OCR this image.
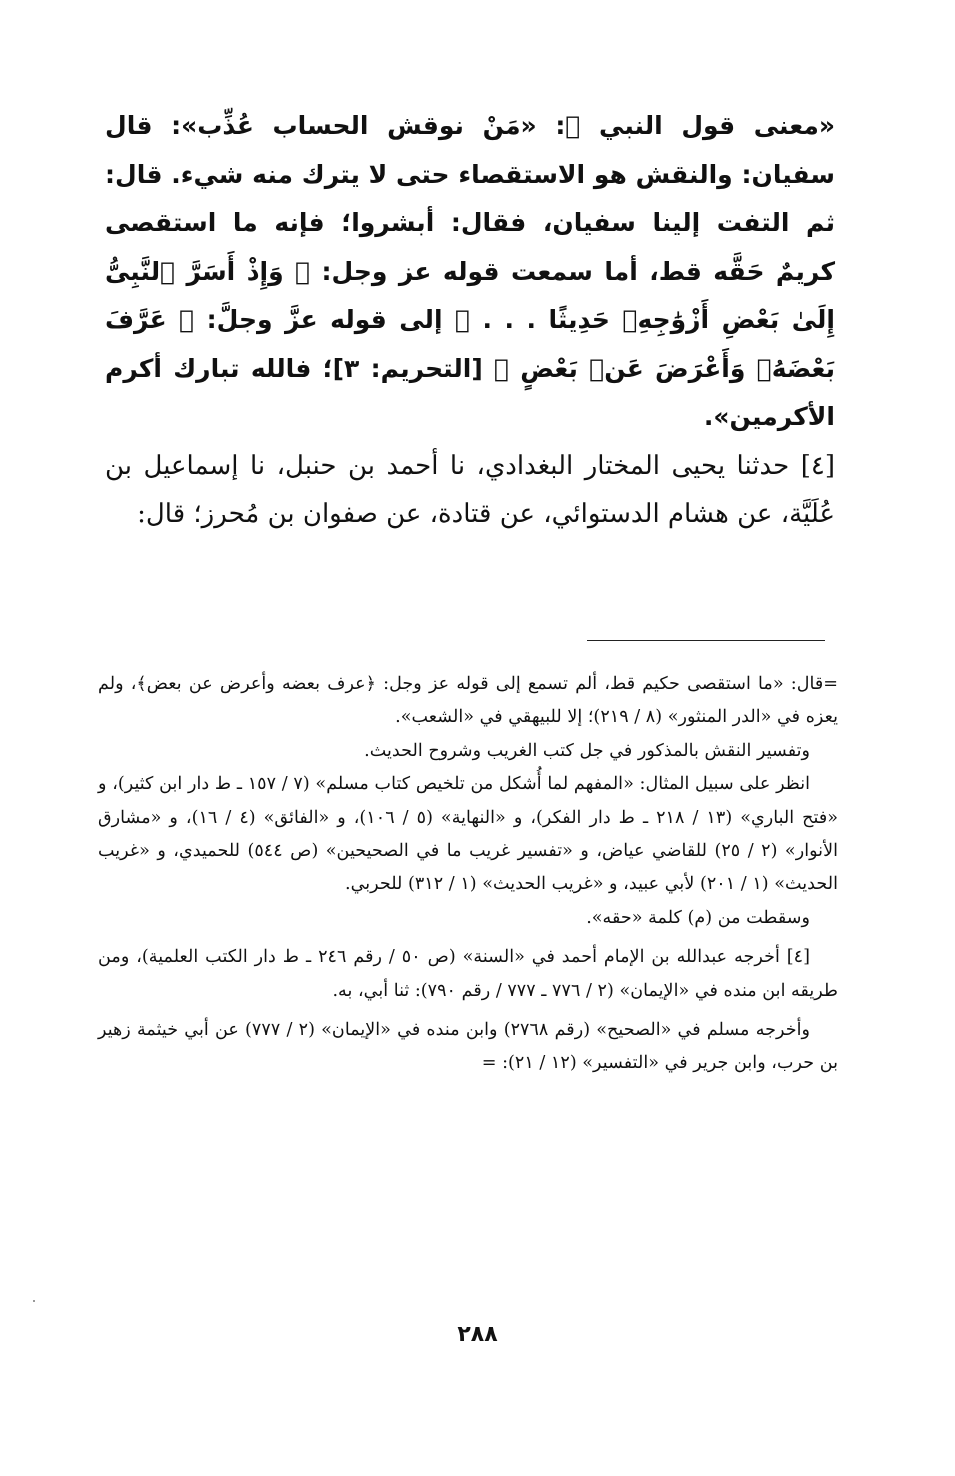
«معنى قول النبي ﷺ: «مَنْ نوقش الحساب عُذِّب»: قال سفيان: والنقش هو الاستقصاء حتى لا يترك منه شيء. قال: ثم التفت إلينا سفيان، فقال: أبشروا؛ فإنه ما استقصى كريمٌ حَقَّه قط، أما سمعت قوله عز وجل: ﴿ وَإِذْ أَسَرَّ ٱلنَّبِىُّ إِلَىٰ بَعْضِ أَزْوَٰجِهِۦ حَدِيثًا . . . ﴾ إلى قوله عزَّ وجلَّ: ﴿ عَرَّفَ بَعْضَهُۥ وَأَعْرَضَ عَنۢ بَعْضٍ ﴾ [التحريم: ٣]؛ فالله تبارك أكرم الأكرمين».

[٤] حدثنا يحيى المختار البغدادي، نا أحمد بن حنبل، نا إسماعيل بن عُلَيَّة، عن هشام الدستوائي، عن قتادة، عن صفوان بن مُحرز؛ قال:

=قال: «ما استقصى حكيم قط، ألم تسمع إلى قوله عز وجل: ﴿عرف بعضه وأعرض عن بعض﴾، ولم يعزه في «الدر المنثور» (٨ / ٢١٩)؛ إلا للبيهقي في «الشعب».

وتفسير النقش بالمذكور في جل كتب الغريب وشروح الحديث.

انظر على سبيل المثال: «المفهم لما أُشكل من تلخيص كتاب مسلم» (٧ / ١٥٧ ـ ط دار ابن كثير)، و «فتح الباري» (١٣ / ٢١٨ ـ ط دار الفكر)، و «النهاية» (٥ / ١٠٦)، و «الفائق» (٤ / ١٦)، و «مشارق الأنوار» (٢ / ٢٥) للقاضي عياض، و «تفسير غريب ما في الصحيحين» (ص ٥٤٤) للحميدي، و «غريب الحديث» (١ / ٢٠١) لأبي عبيد، و «غريب الحديث» (١ / ٣١٢) للحربي.

وسقطت من (م) كلمة «حقه».

[٤] أخرجه عبدالله بن الإمام أحمد في «السنة» (ص ٥٠ / رقم ٢٤٦ ـ ط دار الكتب العلمية)، ومن طريقه ابن منده في «الإيمان» (٢ / ٧٧٦ ـ ٧٧٧ / رقم ٧٩٠): ثنا أبي، به.

وأخرجه مسلم في «الصحيح» (رقم ٢٧٦٨) وابن منده في «الإيمان» (٢ / ٧٧٧) عن أبي خيثمة زهير بن حرب، وابن جرير في «التفسير» (١٢ / ٢١): =

٢٨٨
